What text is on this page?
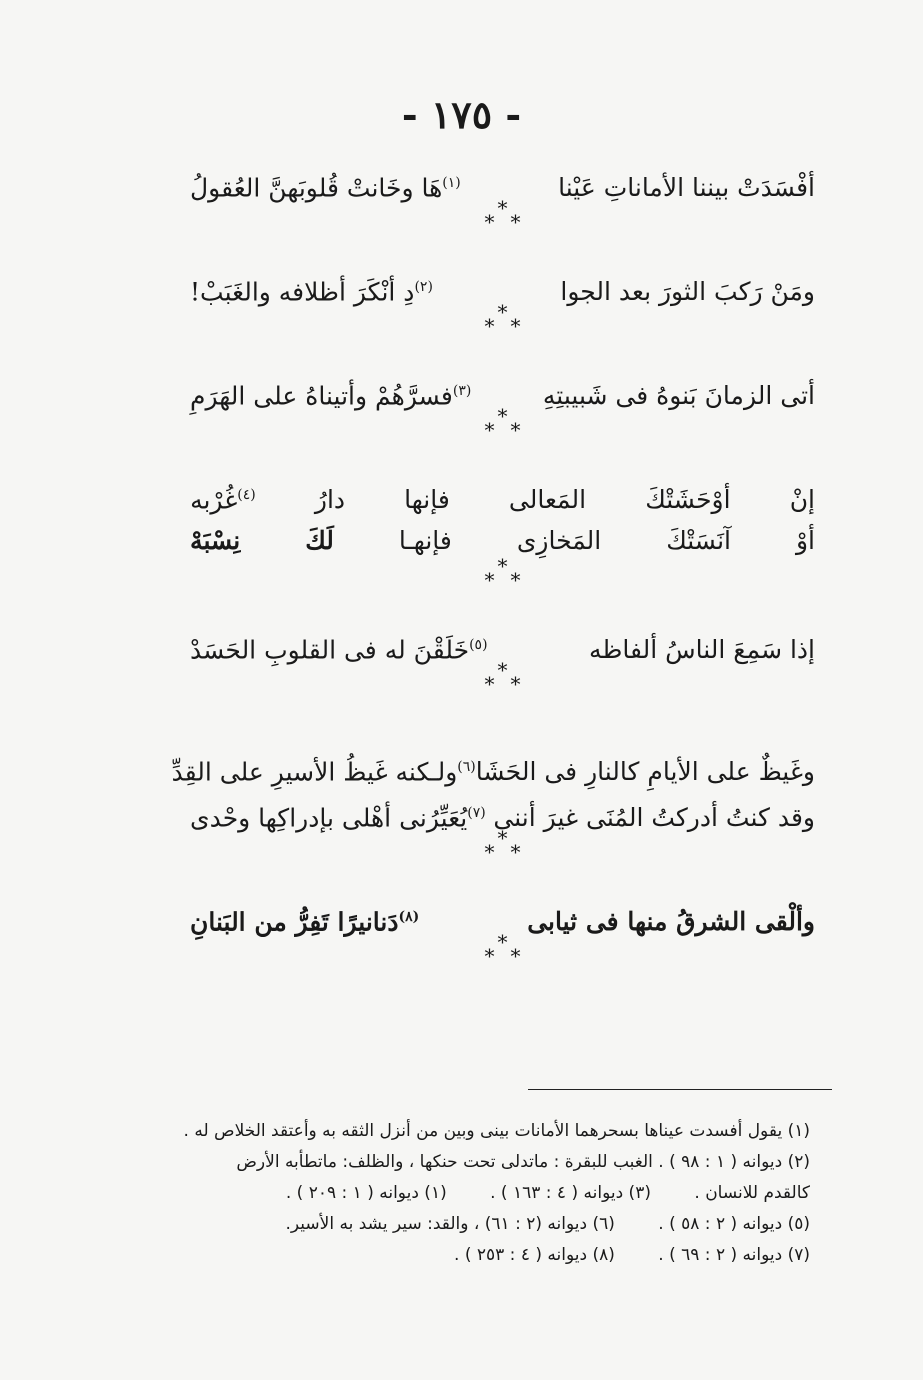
- ١٧٥ -
أفْسَدَتْ بيننا الأماناتِ عَيْنا
$^{(١)}$هَا وخَانتْ قُلوبَهنَّ العُقولُ
***
ومَنْ رَكبَ الثورَ بعد الجوا
$^{(٢)}$دِ أنْكَرَ أظلافه والغَبَبْ!
***
أتى الزمانَ بَنوهُ فى شَبيبتِهِ
$^{(٣)}$فسرَّهُمْ وأتيناهُ على الهَرَمِ
***
إنْ
أوْحَشَتْكَ
المَعالى
فإنها
دارُ
$^{(٤)}$غُرْبه
أوْ
آنَسَتْكَ
المَخازِى
فإنهـا
لَكَ
نِسْبَهْ
***
إذا سَمِعَ الناسُ ألفاظه
$^{(٥)}$خَلَقْنَ له فى القلوبِ الحَسَدْ
***
وغَيظٌ على الأيامِ كالنارِ فى الحَشَا
$^{(٦)}$ولـكنه غَيظُ الأسيرِ على القِدِّ
وقد كنتُ أدركتُ المُنَى غيرَ أننى
$^{(٧)}$يُعَيِّرُنى أهْلى بإدراكِها وحْدى
***
وألْقى الشرقُ منها فى ثيابى
$^{(٨)}$دَنانيرًا تَفِرُّ من البَنانِ
***
(١) يقول أفسدت عيناها بسحرهما الأمانات بينى وبين من أنزل الثقه به وأعتقد الخلاص له .
(٢) ديوانه ( ١ : ٩٨ ) . الغبب للبقرة : ماتدلى تحت حنكها ، والظلف: ماتطأبه الأرض
كالقدم للانسان . (٣) ديوانه ( ٤ : ١٦٣ ) . (١) ديوانه ( ١ : ٢٠٩ ) .
(٥) ديوانه ( ٢ : ٥٨ ) . (٦) ديوانه (٢ : ٦١) ، والقد: سير يشد به الأسير.
(٧) ديوانه ( ٢ : ٦٩ ) . (٨) ديوانه ( ٤ : ٢٥٣ ) .
